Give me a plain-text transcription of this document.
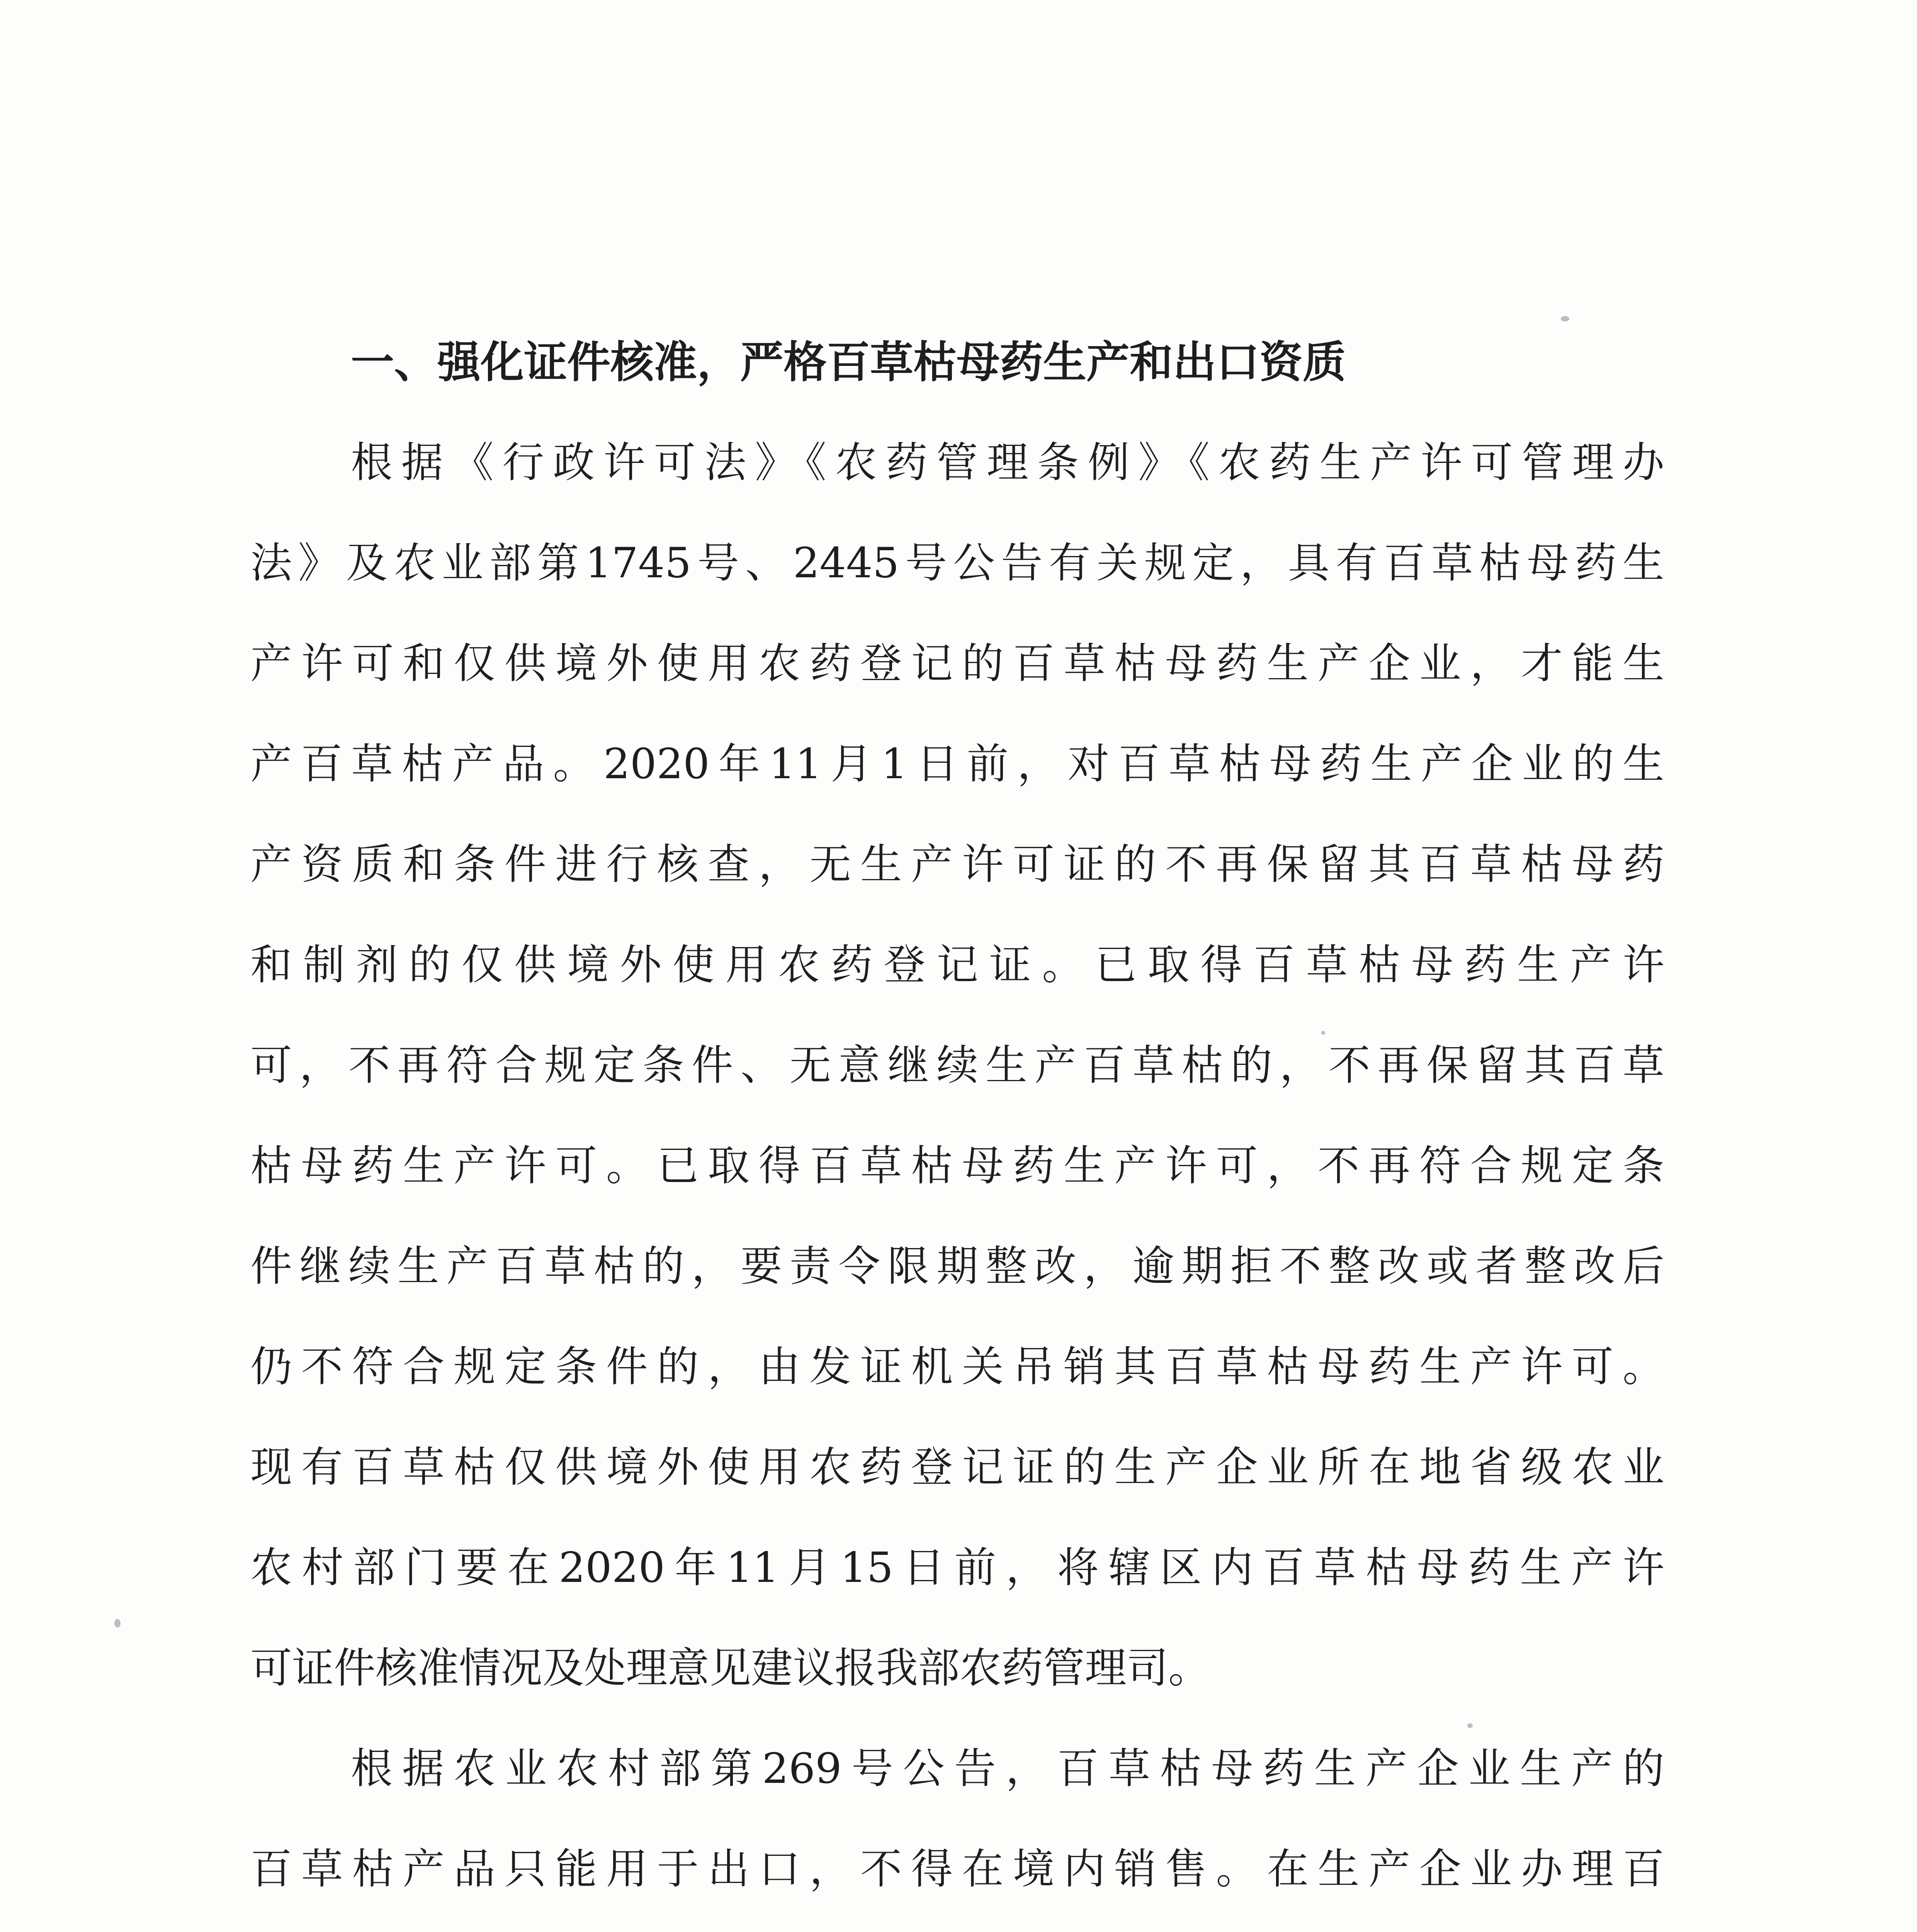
一、强化证件核准，严格百草枯母药生产和出口资质
根据《行政许可法》《农药管理条例》《农药生产许可管理办
法》及农业部第1745号、2445号公告有关规定，具有百草枯母药生
产许可和仅供境外使用农药登记的百草枯母药生产企业，才能生
产百草枯产品。2020年11月1日前，对百草枯母药生产企业的生
产资质和条件进行核查，无生产许可证的不再保留其百草枯母药
和制剂的仅供境外使用农药登记证。已取得百草枯母药生产许
可，不再符合规定条件、无意继续生产百草枯的，不再保留其百草
枯母药生产许可。已取得百草枯母药生产许可，不再符合规定条
件继续生产百草枯的，要责令限期整改，逾期拒不整改或者整改后
仍不符合规定条件的，由发证机关吊销其百草枯母药生产许可。
现有百草枯仅供境外使用农药登记证的生产企业所在地省级农业
农村部门要在2020年11月15日前，将辖区内百草枯母药生产许
可证件核准情况及处理意见建议报我部农药管理司。
根据农业农村部第269号公告，百草枯母药生产企业生产的
百草枯产品只能用于出口，不得在境内销售。在生产企业办理百
